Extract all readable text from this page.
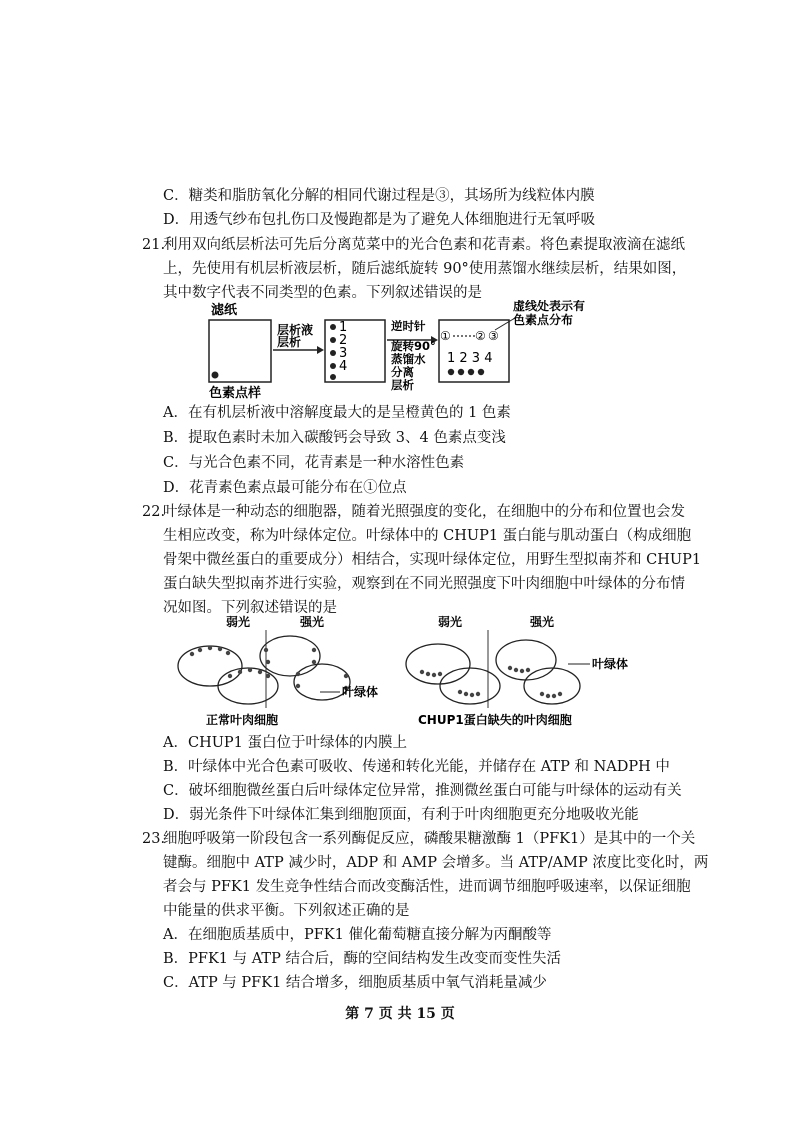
C．糖类和脂肪氧化分解的相同代谢过程是③，其场所为线粒体内膜
D．用透气纱布包扎伤口及慢跑都是为了避免人体细胞进行无氧呼吸
21.
利用双向纸层析法可先后分离苋菜中的光合色素和花青素。将色素提取液滴在滤纸
上，先使用有机层析液层析，随后滤纸旋转 90°使用蒸馏水继续层析，结果如图，
其中数字代表不同类型的色素。下列叙述错误的是
滤纸
色素点样
层析液
层析
1
2
3
4
逆时针
旋转90°
蒸馏水
分离
层析
① ② ③
1 2 3 4
虚线处表示有
色素点分布
A．在有机层析液中溶解度最大的是呈橙黄色的 1 色素
B．提取色素时未加入碳酸钙会导致 3、4 色素点变浅
C．与光合色素不同，花青素是一种水溶性色素
D．花青素色素点最可能分布在①位点
22.
叶绿体是一种动态的细胞器，随着光照强度的变化，在细胞中的分布和位置也会发
生相应改变，称为叶绿体定位。叶绿体中的 CHUP1 蛋白能与肌动蛋白（构成细胞
骨架中微丝蛋白的重要成分）相结合，实现叶绿体定位，用野生型拟南芥和 CHUP1
蛋白缺失型拟南芥进行实验，观察到在不同光照强度下叶肉细胞中叶绿体的分布情
况如图。下列叙述错误的是
弱光	强光
叶绿体
正常叶肉细胞
弱光	强光
叶绿体
CHUP1蛋白缺失的叶肉细胞
A．CHUP1 蛋白位于叶绿体的内膜上
B．叶绿体中光合色素可吸收、传递和转化光能，并储存在 ATP 和 NADPH 中
C．破坏细胞微丝蛋白后叶绿体定位异常，推测微丝蛋白可能与叶绿体的运动有关
D．弱光条件下叶绿体汇集到细胞顶面，有利于叶肉细胞更充分地吸收光能
23.
细胞呼吸第一阶段包含一系列酶促反应，磷酸果糖激酶 1（PFK1）是其中的一个关
键酶。细胞中 ATP 减少时，ADP 和 AMP 会增多。当 ATP/AMP 浓度比变化时，两
者会与 PFK1 发生竞争性结合而改变酶活性，进而调节细胞呼吸速率，以保证细胞
中能量的供求平衡。下列叙述正确的是
A．在细胞质基质中，PFK1 催化葡萄糖直接分解为丙酮酸等
B．PFK1 与 ATP 结合后，酶的空间结构发生改变而变性失活
C．ATP 与 PFK1 结合增多，细胞质基质中氧气消耗量减少
第 7 页 共 15 页
